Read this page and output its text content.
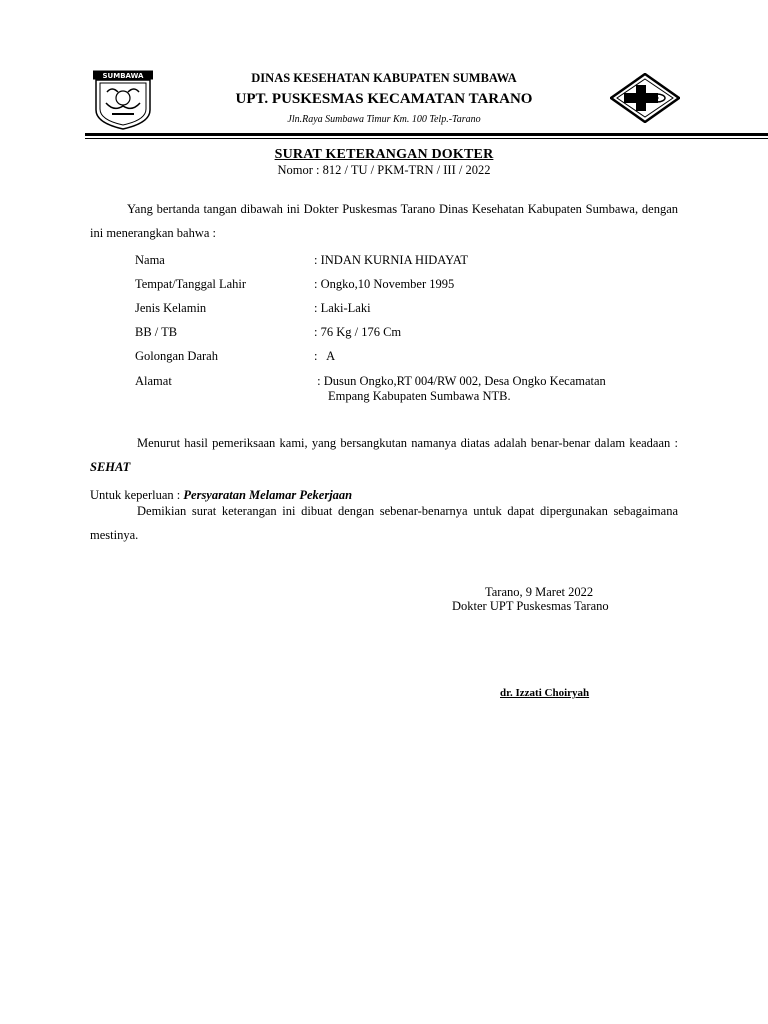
SUMBAWA	DINAS KESEHATAN KABUPATEN SUMBAWA
UPT. PUSKESMAS KECAMATAN TARANO
Jln.Raya Sumbawa Timur Km. 100 Telp.-Tarano
SURAT KETERANGAN DOKTER
Nomor : 812 / TU / PKM-TRN / III / 2022
Yang bertanda tangan dibawah ini Dokter Puskesmas Tarano Dinas Kesehatan Kabupaten Sumbawa, dengan ini menerangkan bahwa :
Nama	: INDAN KURNIA HIDAYAT
Tempat/Tanggal Lahir	: Ongko,10 November 1995
Jenis Kelamin	: Laki-Laki
BB / TB	: 76 Kg / 176 Cm
Golongan Darah	:   A
Alamat	: Dusun Ongko,RT 004/RW 002, Desa Ongko Kecamatan
Empang Kabupaten Sumbawa NTB.
Menurut hasil pemeriksaan kami, yang bersangkutan namanya diatas adalah benar-benar dalam keadaan : SEHAT
Untuk keperluan : Persyaratan Melamar Pekerjaan
Demikian surat keterangan ini dibuat dengan sebenar-benarnya untuk dapat dipergunakan sebagaimana mestinya.
Tarano, 9 Maret 2022
Dokter UPT Puskesmas Tarano
dr. Izzati Choiryah
